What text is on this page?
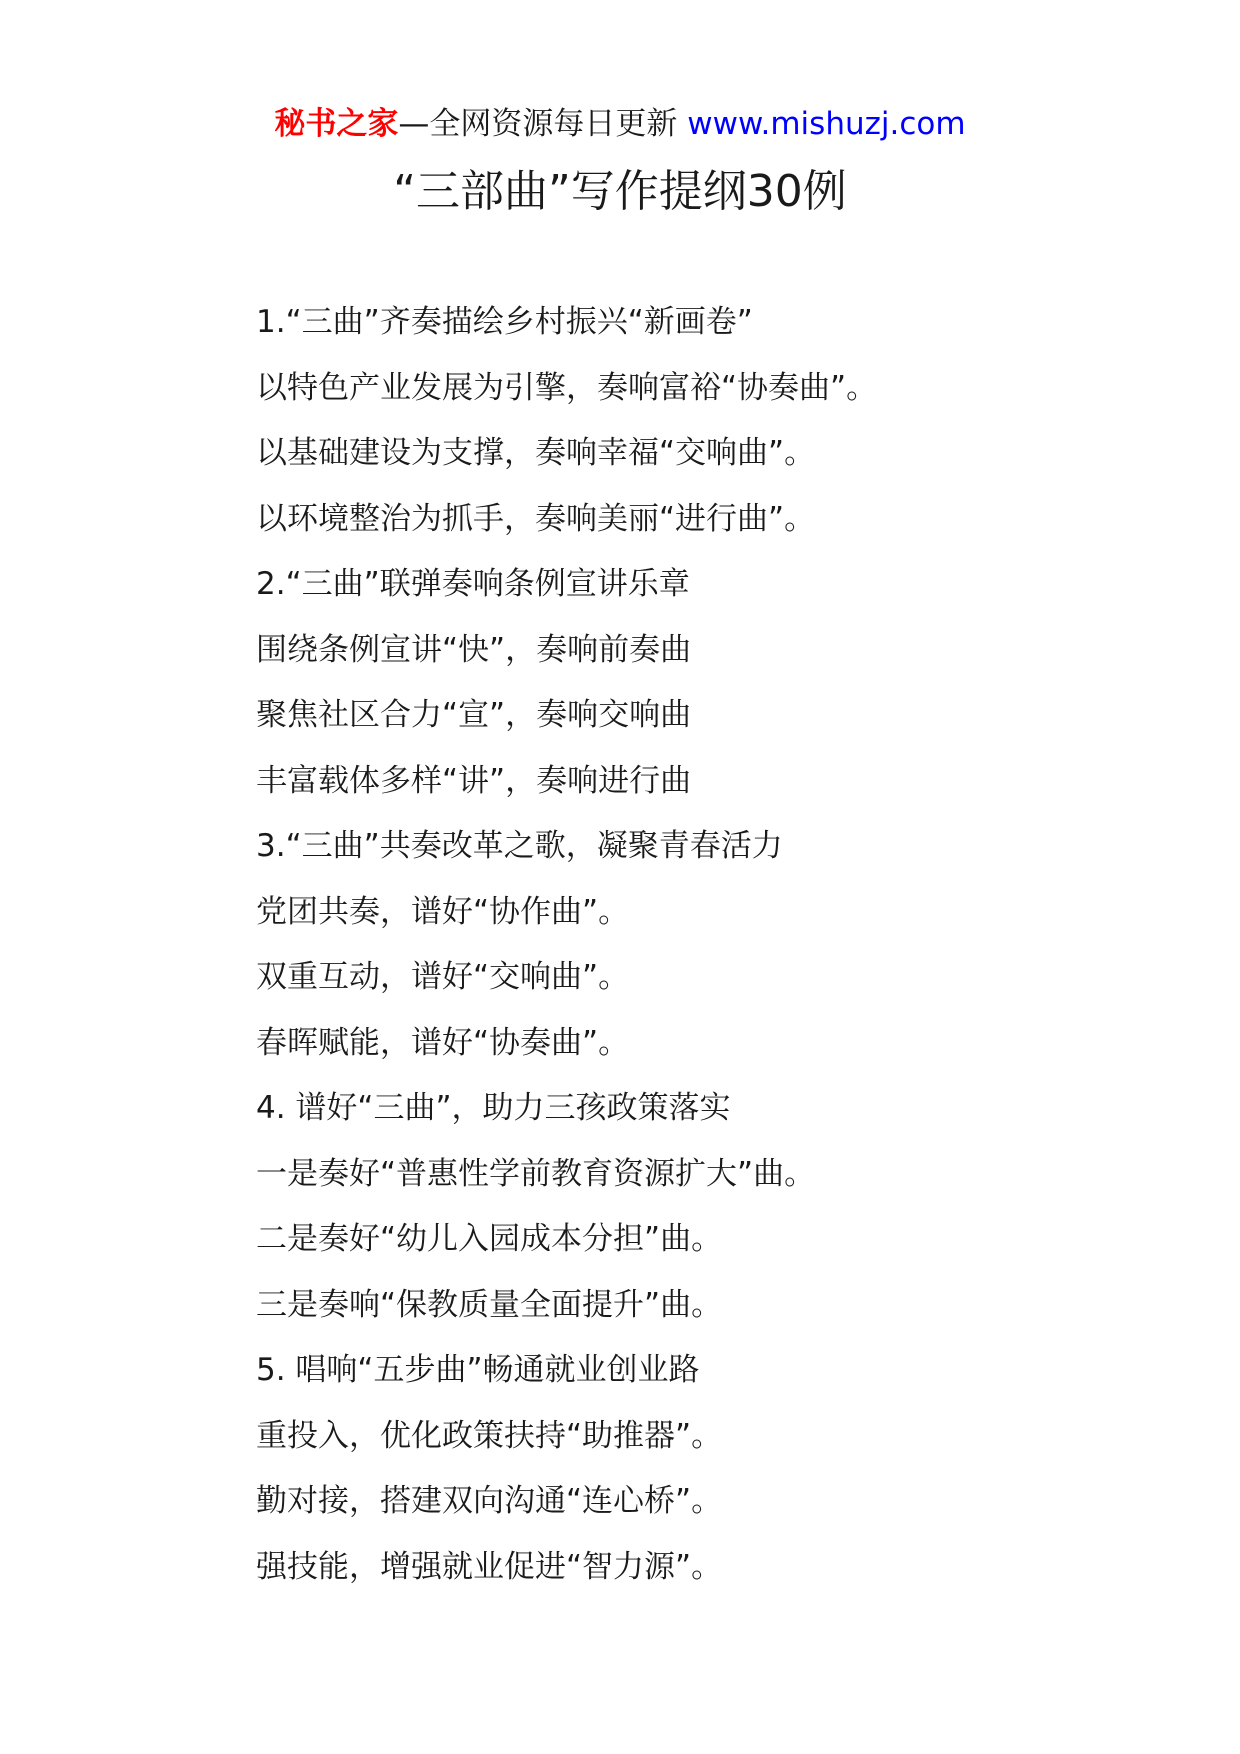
秘书之家—全网资源每日更新 www.mishuzj.com
“三部曲”写作提纲30例
1.“三曲”齐奏描绘乡村振兴“新画卷”
以特色产业发展为引擎，奏响富裕“协奏曲”。
以基础建设为支撑，奏响幸福“交响曲”。
以环境整治为抓手，奏响美丽“进行曲”。
2.“三曲”联弹奏响条例宣讲乐章
围绕条例宣讲“快”，奏响前奏曲
聚焦社区合力“宣”，奏响交响曲
丰富载体多样“讲”，奏响进行曲
3.“三曲”共奏改革之歌，凝聚青春活力
党团共奏，谱好“协作曲”。
双重互动，谱好“交响曲”。
春晖赋能，谱好“协奏曲”。
4. 谱好“三曲”，助力三孩政策落实
一是奏好“普惠性学前教育资源扩大”曲。
二是奏好“幼儿入园成本分担”曲。
三是奏响“保教质量全面提升”曲。
5. 唱响“五步曲”畅通就业创业路
重投入，优化政策扶持“助推器”。
勤对接，搭建双向沟通“连心桥”。
强技能，增强就业促进“智力源”。
